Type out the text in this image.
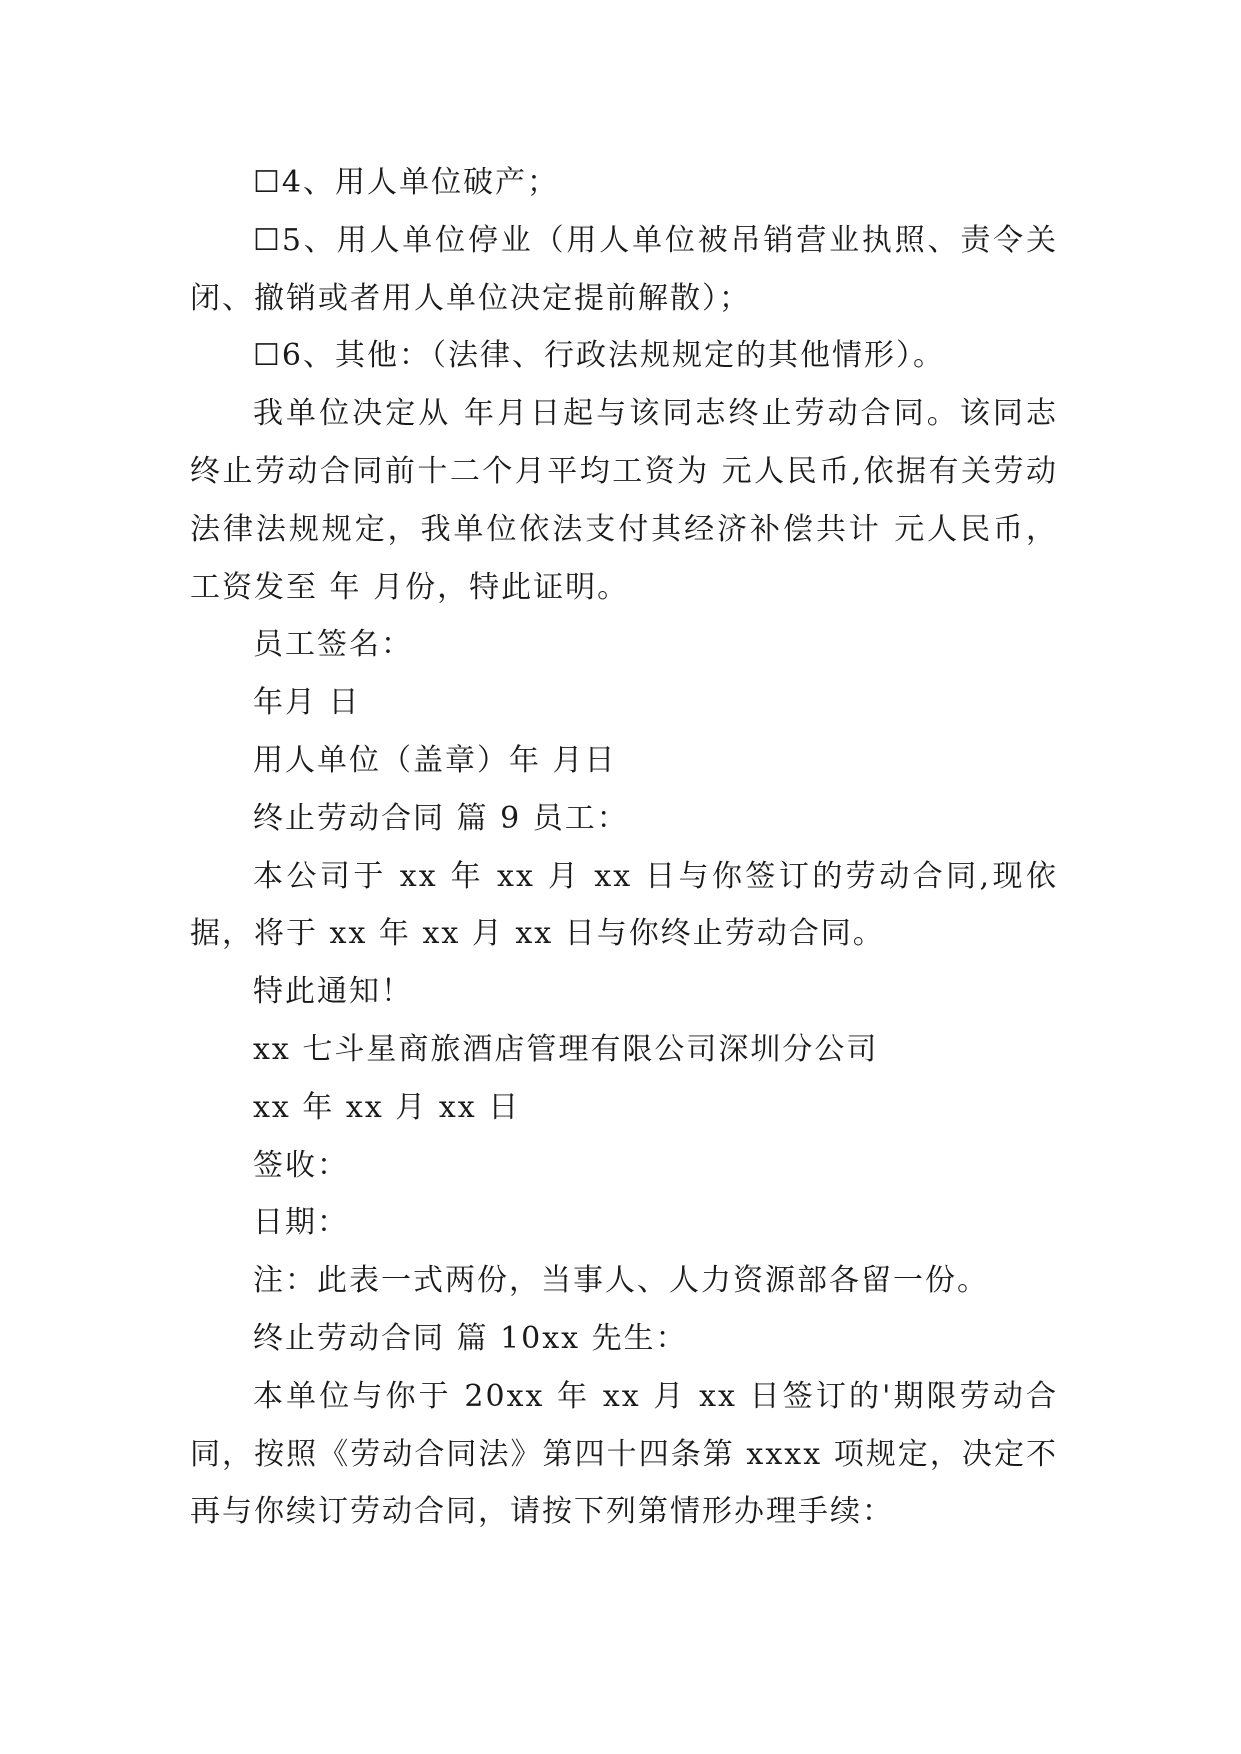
☐4、用人单位破产；

☐5、用人单位停业（用人单位被吊销营业执照、责令关闭、撤销或者用人单位决定提前解散）；

☐6、其他：（法律、行政法规规定的其他情形）。

我单位决定从 年月日起与该同志终止劳动合同。该同志终止劳动合同前十二个月平均工资为 元人民币,依据有关劳动法律法规规定，我单位依法支付其经济补偿共计 元人民币，工资发至 年 月份，特此证明。

员工签名：

年月 日

用人单位（盖章）年 月日

终止劳动合同 篇 9 员工：

本公司于 xx 年 xx 月 xx 日与你签订的劳动合同,现依据，将于 xx 年 xx 月 xx 日与你终止劳动合同。

特此通知！

xx 七斗星商旅酒店管理有限公司深圳分公司

xx 年 xx 月 xx 日

签收：

日期：

注：此表一式两份，当事人、人力资源部各留一份。

终止劳动合同 篇 10xx 先生：

本单位与你于 20xx 年 xx 月 xx 日签订的'期限劳动合同，按照《劳动合同法》第四十四条第 xxxx 项规定，决定不再与你续订劳动合同，请按下列第情形办理手续：
